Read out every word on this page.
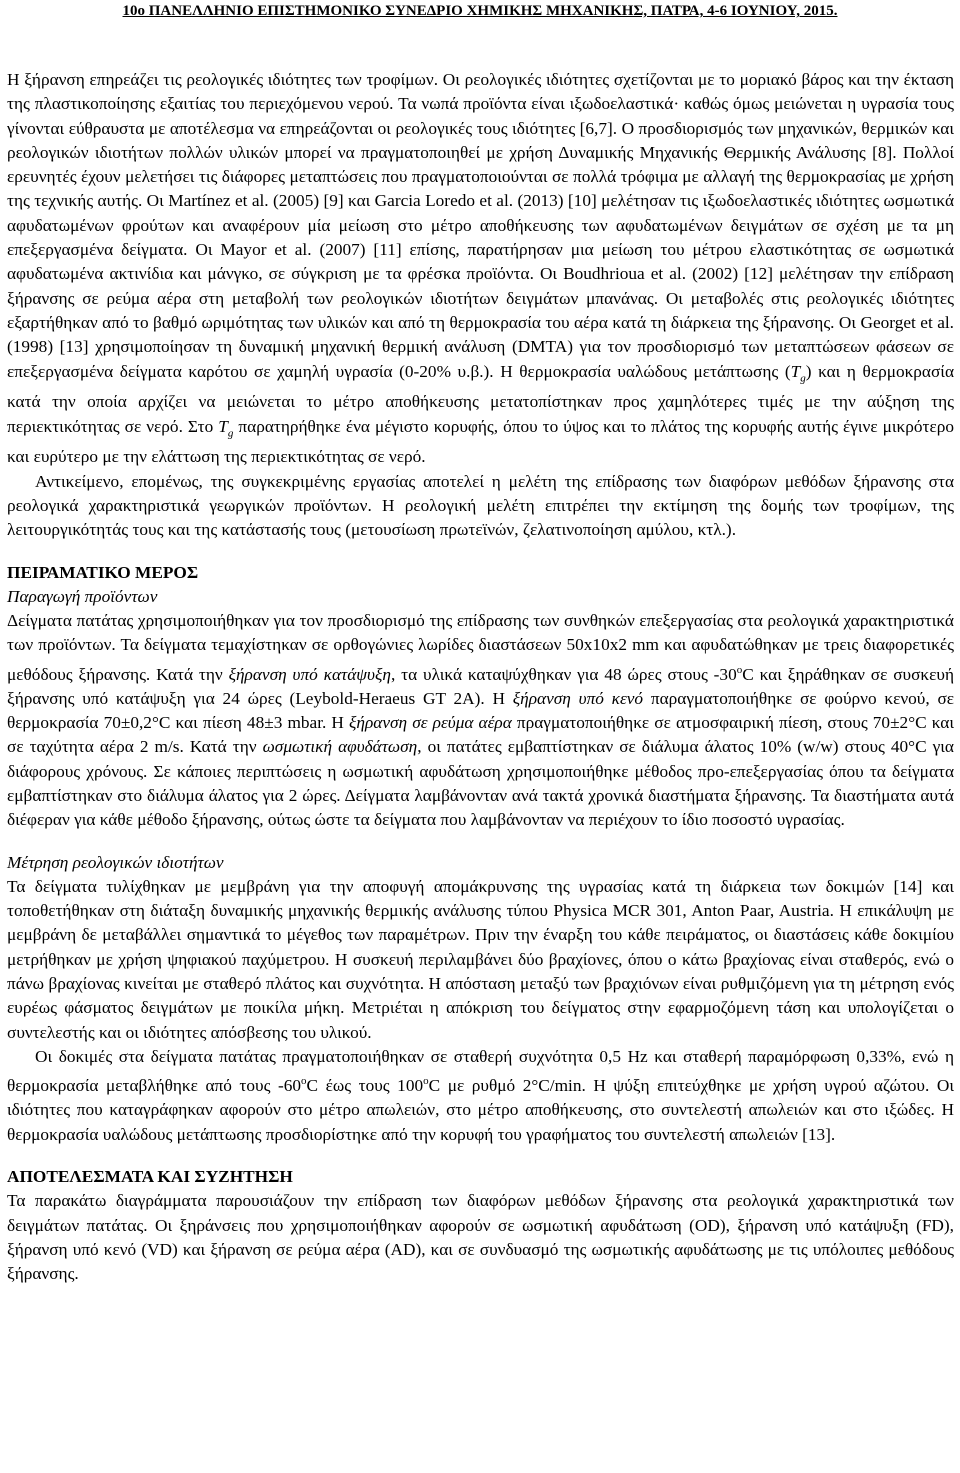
10ο ΠΑΝΕΛΛΗΝΙΟ ΕΠΙΣΤΗΜΟΝΙΚΟ ΣΥΝΕΔΡΙΟ ΧΗΜΙΚΗΣ ΜΗΧΑΝΙΚΗΣ, ΠΑΤΡΑ, 4-6 ΙΟΥΝΙΟΥ, 2015.

Η ξήρανση επηρεάζει τις ρεολογικές ιδιότητες των τροφίμων. Οι ρεολογικές ιδιότητες σχετίζονται με το μοριακό βάρος και την έκταση της πλαστικοποίησης εξαιτίας του περιεχόμενου νερού. Τα νωπά προϊόντα είναι ιξωδοελαστικά· καθώς όμως μειώνεται η υγρασία τους γίνονται εύθραυστα με αποτέλεσμα να επηρεάζονται οι ρεολογικές τους ιδιότητες [6,7]. Ο προσδιορισμός των μηχανικών, θερμικών και ρεολογικών ιδιοτήτων πολλών υλικών μπορεί να πραγματοποιηθεί με χρήση Δυναμικής Μηχανικής Θερμικής Ανάλυσης [8]. Πολλοί ερευνητές έχουν μελετήσει τις διάφορες μεταπτώσεις που πραγματοποιούνται σε πολλά τρόφιμα με αλλαγή της θερμοκρασίας με χρήση της τεχνικής αυτής. Οι Martínez et al. (2005) [9] και Garcia Loredo et al. (2013) [10] μελέτησαν τις ιξωδοελαστικές ιδιότητες ωσμωτικά αφυδατωμένων φρούτων και αναφέρουν μία μείωση στο μέτρο αποθήκευσης των αφυδατωμένων δειγμάτων σε σχέση με τα μη επεξεργασμένα δείγματα. Οι Mayor et al. (2007) [11] επίσης, παρατήρησαν μια μείωση του μέτρου ελαστικότητας σε ωσμωτικά αφυδατωμένα ακτινίδια και μάνγκο, σε σύγκριση με τα φρέσκα προϊόντα. Οι Boudhrioua et al. (2002) [12] μελέτησαν την επίδραση ξήρανσης σε ρεύμα αέρα στη μεταβολή των ρεολογικών ιδιοτήτων δειγμάτων μπανάνας. Οι μεταβολές στις ρεολογικές ιδιότητες εξαρτήθηκαν από το βαθμό ωριμότητας των υλικών και από τη θερμοκρασία του αέρα κατά τη διάρκεια της ξήρανσης. Οι Georget et al. (1998) [13] χρησιμοποίησαν τη δυναμική μηχανική θερμική ανάλυση (DMTA) για τον προσδιορισμό των μεταπτώσεων φάσεων σε επεξεργασμένα δείγματα καρότου σε χαμηλή υγρασία (0-20% υ.β.). Η θερμοκρασία υαλώδους μετάπτωσης $(T_g)$ και η θερμοκρασία κατά την οποία αρχίζει να μειώνεται το μέτρο αποθήκευσης μετατοπίστηκαν προς χαμηλότερες τιμές με την αύξηση της περιεκτικότητας σε νερό. Στο $T_g$ παρατηρήθηκε ένα μέγιστο κορυφής, όπου το ύψος και το πλάτος της κορυφής αυτής έγινε μικρότερο και ευρύτερο με την ελάττωση της περιεκτικότητας σε νερό.

Αντικείμενο, επομένως, της συγκεκριμένης εργασίας αποτελεί η μελέτη της επίδρασης των διαφόρων μεθόδων ξήρανσης στα ρεολογικά χαρακτηριστικά γεωργικών προϊόντων. Η ρεολογική μελέτη επιτρέπει την εκτίμηση της δομής των τροφίμων, της λειτουργικότητάς τους και της κατάστασής τους (μετουσίωση πρωτεϊνών, ζελατινοποίηση αμύλου, κτλ.).

ΠΕΙΡΑΜΑΤΙΚΟ ΜΕΡΟΣ

Παραγωγή προϊόντων

Δείγματα πατάτας χρησιμοποιήθηκαν για τον προσδιορισμό της επίδρασης των συνθηκών επεξεργασίας στα ρεολογικά χαρακτηριστικά των προϊόντων. Τα δείγματα τεμαχίστηκαν σε ορθογώνιες λωρίδες διαστάσεων 50x10x2 mm και αφυδατώθηκαν με τρεις διαφορετικές μεθόδους ξήρανσης. Κατά την ξήρανση υπό κατάψυξη, τα υλικά καταψύχθηκαν για 48 ώρες στους $-30^oC$ και ξηράθηκαν σε συσκευή ξήρανσης υπό κατάψυξη για 24 ώρες (Leybold-Heraeus GT 2A). Η ξήρανση υπό κενό παραγματοποιήθηκε σε φούρνο κενού, σε θερμοκρασία 70±0,2°C και πίεση 48±3 mbar. Η ξήρανση σε ρεύμα αέρα πραγματοποιήθηκε σε ατμοσφαιρική πίεση, στους 70±2°C και σε ταχύτητα αέρα 2 m/s. Κατά την ωσμωτική αφυδάτωση, οι πατάτες εμβαπτίστηκαν σε διάλυμα άλατος 10% (w/w) στους 40°C για διάφορους χρόνους. Σε κάποιες περιπτώσεις η ωσμωτική αφυδάτωση χρησιμοποιήθηκε μέθοδος προ-επεξεργασίας όπου τα δείγματα εμβαπτίστηκαν στο διάλυμα άλατος για 2 ώρες. Δείγματα λαμβάνονταν ανά τακτά χρονικά διαστήματα ξήρανσης. Τα διαστήματα αυτά διέφεραν για κάθε μέθοδο ξήρανσης, ούτως ώστε τα δείγματα που λαμβάνονταν να περιέχουν το ίδιο ποσοστό υγρασίας.

Μέτρηση ρεολογικών ιδιοτήτων

Τα δείγματα τυλίχθηκαν με μεμβράνη για την αποφυγή απομάκρυνσης της υγρασίας κατά τη διάρκεια των δοκιμών [14] και τοποθετήθηκαν στη διάταξη δυναμικής μηχανικής θερμικής ανάλυσης τύπου Physica MCR 301, Anton Paar, Austria. Η επικάλυψη με μεμβράνη δε μεταβάλλει σημαντικά το μέγεθος των παραμέτρων. Πριν την έναρξη του κάθε πειράματος, οι διαστάσεις κάθε δοκιμίου μετρήθηκαν με χρήση ψηφιακού παχύμετρου. Η συσκευή περιλαμβάνει δύο βραχίονες, όπου ο κάτω βραχίονας είναι σταθερός, ενώ ο πάνω βραχίονας κινείται με σταθερό πλάτος και συχνότητα. Η απόσταση μεταξύ των βραχιόνων είναι ρυθμιζόμενη για τη μέτρηση ενός ευρέως φάσματος δειγμάτων με ποικίλα μήκη. Μετριέται η απόκριση του δείγματος στην εφαρμοζόμενη τάση και υπολογίζεται ο συντελεστής και οι ιδιότητες απόσβεσης του υλικού.

Οι δοκιμές στα δείγματα πατάτας πραγματοποιήθηκαν σε σταθερή συχνότητα 0,5 Hz και σταθερή παραμόρφωση 0,33%, ενώ η θερμοκρασία μεταβλήθηκε από τους $-60^oC$ έως τους $100^oC$ με ρυθμό 2°C/min. Η ψύξη επιτεύχθηκε με χρήση υγρού αζώτου. Οι ιδιότητες που καταγράφηκαν αφορούν στο μέτρο απωλειών, στο μέτρο αποθήκευσης, στο συντελεστή απωλειών και στο ιξώδες. Η θερμοκρασία υαλώδους μετάπτωσης προσδιορίστηκε από την κορυφή του γραφήματος του συντελεστή απωλειών [13].

ΑΠΟΤΕΛΕΣΜΑΤΑ ΚΑΙ ΣΥΖΗΤΗΣΗ

Τα παρακάτω διαγράμματα παρουσιάζουν την επίδραση των διαφόρων μεθόδων ξήρανσης στα ρεολογικά χαρακτηριστικά των δειγμάτων πατάτας. Οι ξηράνσεις που χρησιμοποιήθηκαν αφορούν σε ωσμωτική αφυδάτωση (OD), ξήρανση υπό κατάψυξη (FD), ξήρανση υπό κενό (VD) και ξήρανση σε ρεύμα αέρα (AD), και σε συνδυασμό της ωσμωτικής αφυδάτωσης με τις υπόλοιπες μεθόδους ξήρανσης.
